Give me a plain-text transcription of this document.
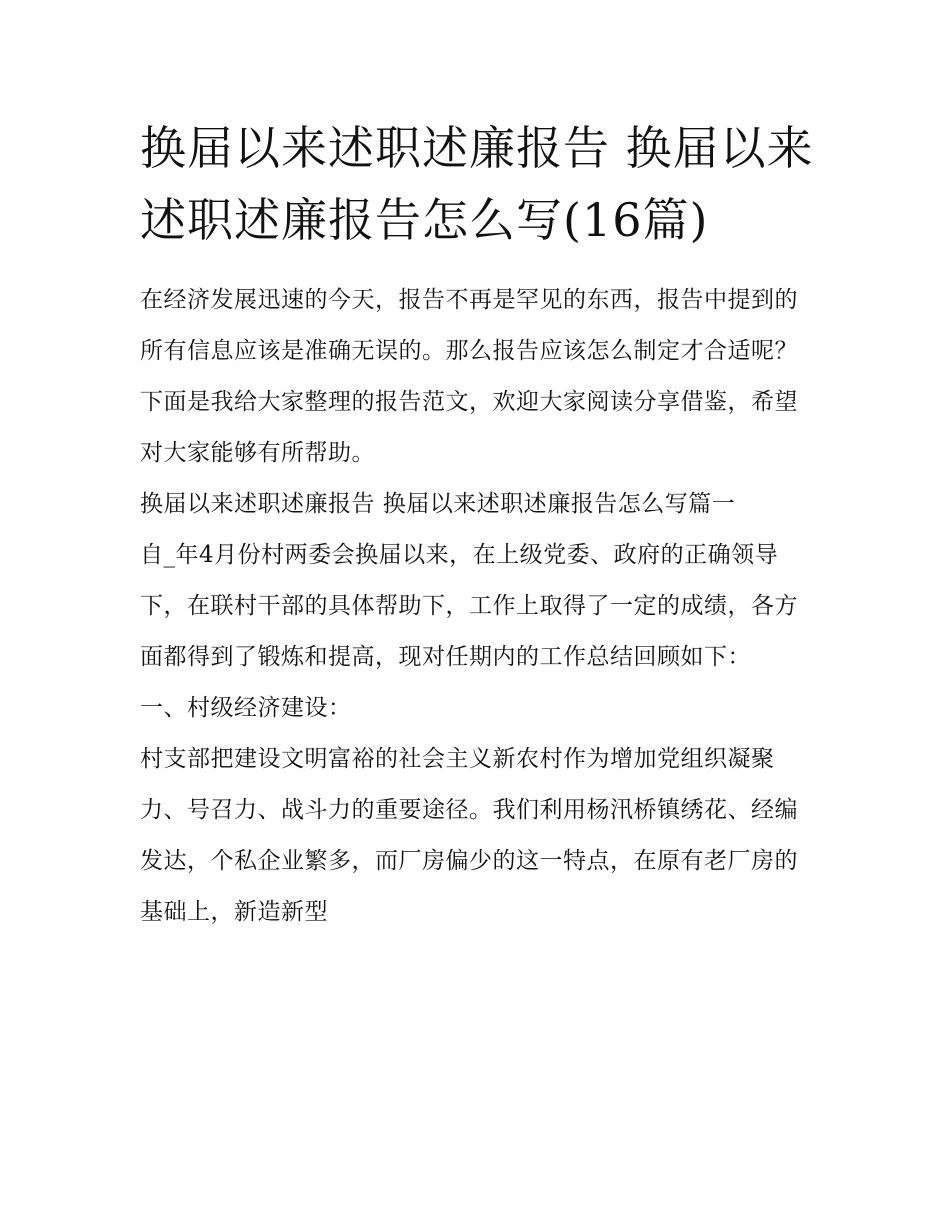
换届以来述职述廉报告 换届以来述职述廉报告怎么写(16篇)

在经济发展迅速的今天，报告不再是罕见的东西，报告中提到的所有信息应该是准确无误的。那么报告应该怎么制定才合适呢？下面是我给大家整理的报告范文，欢迎大家阅读分享借鉴，希望对大家能够有所帮助。

换届以来述职述廉报告 换届以来述职述廉报告怎么写篇一

自_年4月份村两委会换届以来，在上级党委、政府的正确领导下，在联村干部的具体帮助下，工作上取得了一定的成绩，各方面都得到了锻炼和提高，现对任期内的工作总结回顾如下：

一、村级经济建设：

村支部把建设文明富裕的社会主义新农村作为增加党组织凝聚力、号召力、战斗力的重要途径。我们利用杨汛桥镇绣花、经编发达，个私企业繁多，而厂房偏少的这一特点，在原有老厂房的基础上，新造新型
